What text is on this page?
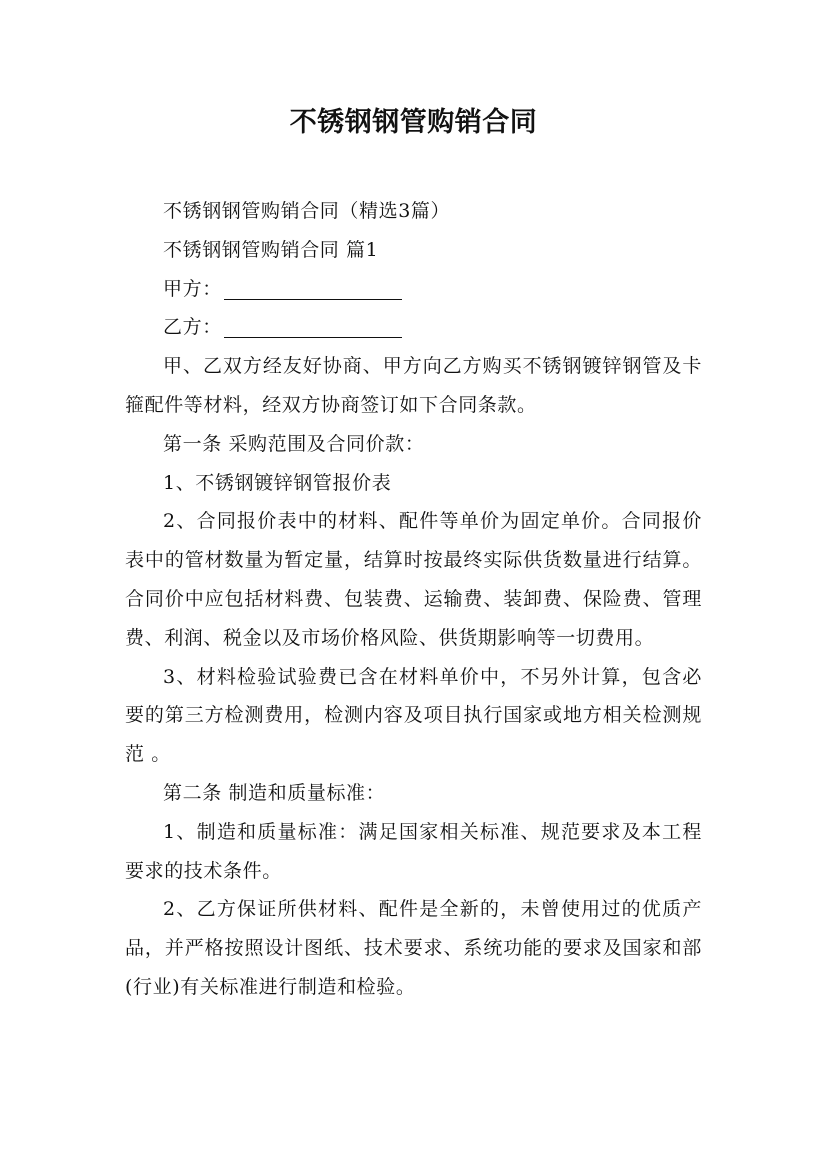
不锈钢钢管购销合同

不锈钢钢管购销合同（精选3篇）

不锈钢钢管购销合同 篇1

甲方：

乙方：

甲、乙双方经友好协商、甲方向乙方购买不锈钢镀锌钢管及卡箍配件等材料，经双方协商签订如下合同条款。

第一条 采购范围及合同价款：

1、不锈钢镀锌钢管报价表

2、合同报价表中的材料、配件等单价为固定单价。合同报价表中的管材数量为暂定量，结算时按最终实际供货数量进行结算。合同价中应包括材料费、包装费、运输费、装卸费、保险费、管理费、利润、税金以及市场价格风险、供货期影响等一切费用。

3、材料检验试验费已含在材料单价中，不另外计算，包含必要的第三方检测费用，检测内容及项目执行国家或地方相关检测规范 。

第二条 制造和质量标准：

1、制造和质量标准：满足国家相关标准、规范要求及本工程要求的技术条件。

2、乙方保证所供材料、配件是全新的，未曾使用过的优质产品，并严格按照设计图纸、技术要求、系统功能的要求及国家和部(行业)有关标准进行制造和检验。
